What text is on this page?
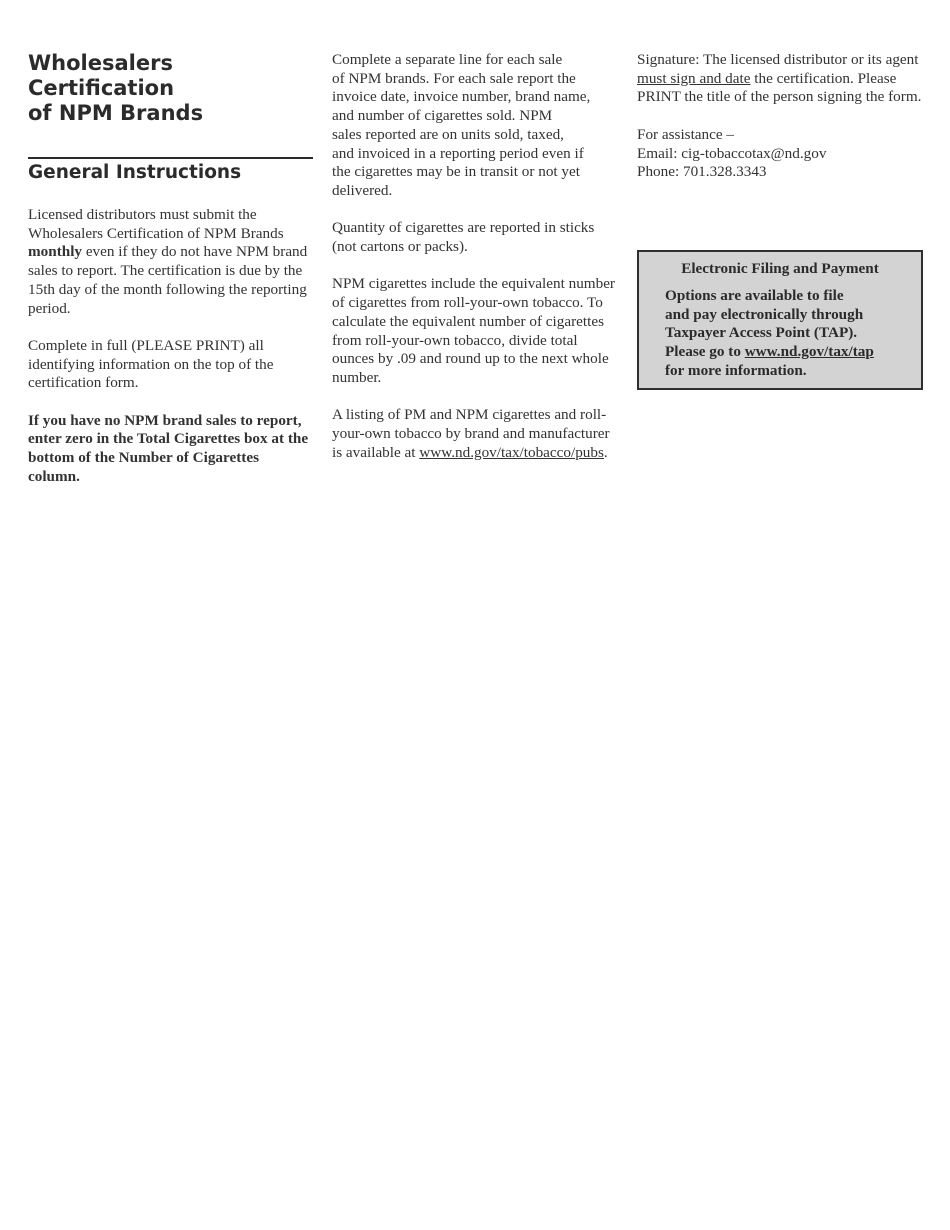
Wholesalers Certification
of NPM Brands
General Instructions

Licensed distributors must submit the Wholesalers Certification of NPM Brands monthly even if they do not have NPM brand sales to report. The certification is due by the 15th day of the month following the reporting period.

Complete in full (PLEASE PRINT) all identifying information on the top of the certification form.

If you have no NPM brand sales to report, enter zero in the Total Cigarettes box at the bottom of the Number of Cigarettes column.

Complete a separate line for each sale
of NPM brands. For each sale report the
invoice date, invoice number, brand name,
and number of cigarettes sold. NPM
sales reported are on units sold, taxed,
and invoiced in a reporting period even if
the cigarettes may be in transit or not yet
delivered.

Quantity of cigarettes are reported in sticks (not cartons or packs).

NPM cigarettes include the equivalent number of cigarettes from roll-your-own tobacco. To calculate the equivalent number of cigarettes from roll-your-own tobacco, divide total ounces by .09 and round up to the next whole number.

A listing of PM and NPM cigarettes and roll-your-own tobacco by brand and manufacturer is available at www.nd.gov/tax/tobacco/pubs.

Signature: The licensed distributor or its agent must sign and date the certification. Please PRINT the title of the person signing the form.

For assistance –
Email: cig-tobaccotax@nd.gov
Phone: 701.328.3343

Electronic Filing and Payment
Options are available to file
and pay electronically through
Taxpayer Access Point (TAP).
Please go to www.nd.gov/tax/tap
for more information.
